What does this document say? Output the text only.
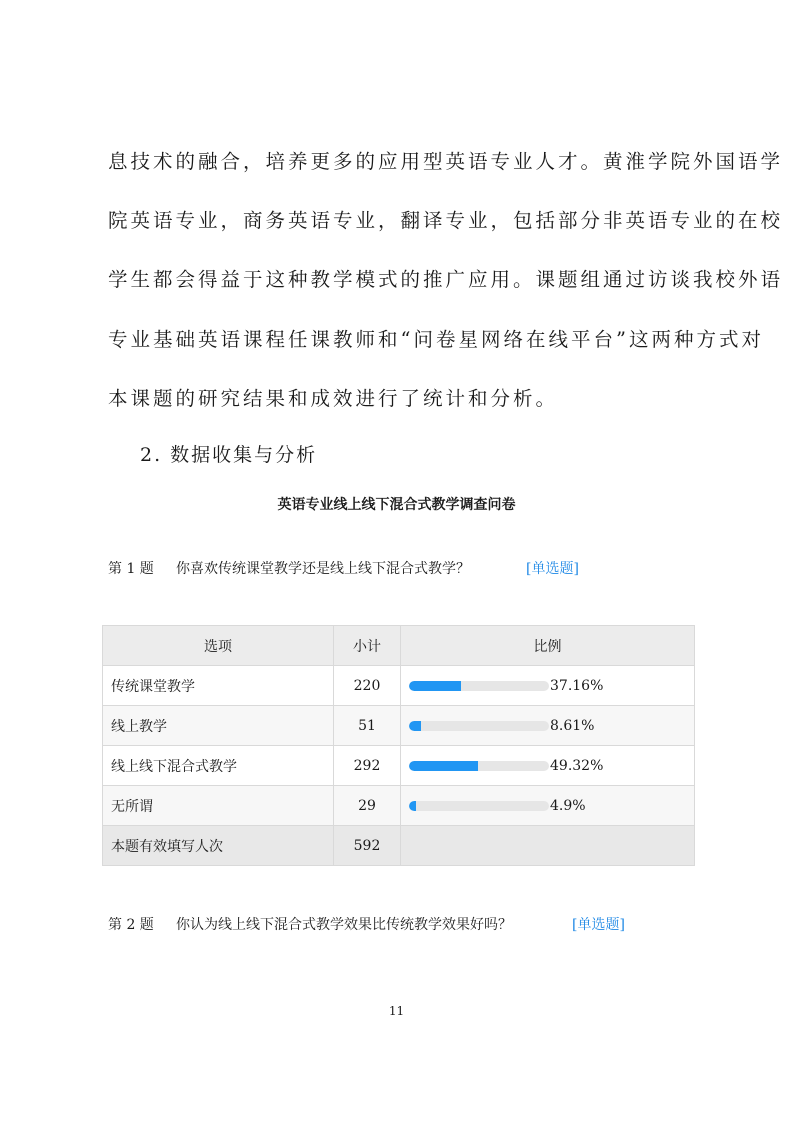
息技术的融合，培养更多的应用型英语专业人才。黄淮学院外国语学
院英语专业，商务英语专业，翻译专业，包括部分非英语专业的在校
学生都会得益于这种教学模式的推广应用。课题组通过访谈我校外语
专业基础英语课程任课教师和“问卷星网络在线平台”这两种方式对
本课题的研究结果和成效进行了统计和分析。
2. 数据收集与分析
英语专业线上线下混合式教学调查问卷
第 1 题 你喜欢传统课堂教学还是线上线下混合式教学？	[单选题]
选项	小计	比例
传统课堂教学	220	37.16%

线上教学	51	8.61%

线上线下混合式教学	292	49.32%

无所谓	29	4.9%

本题有效填写人次	592	
第 2 题 你认为线上线下混合式教学效果比传统教学效果好吗？	[单选题]
11
